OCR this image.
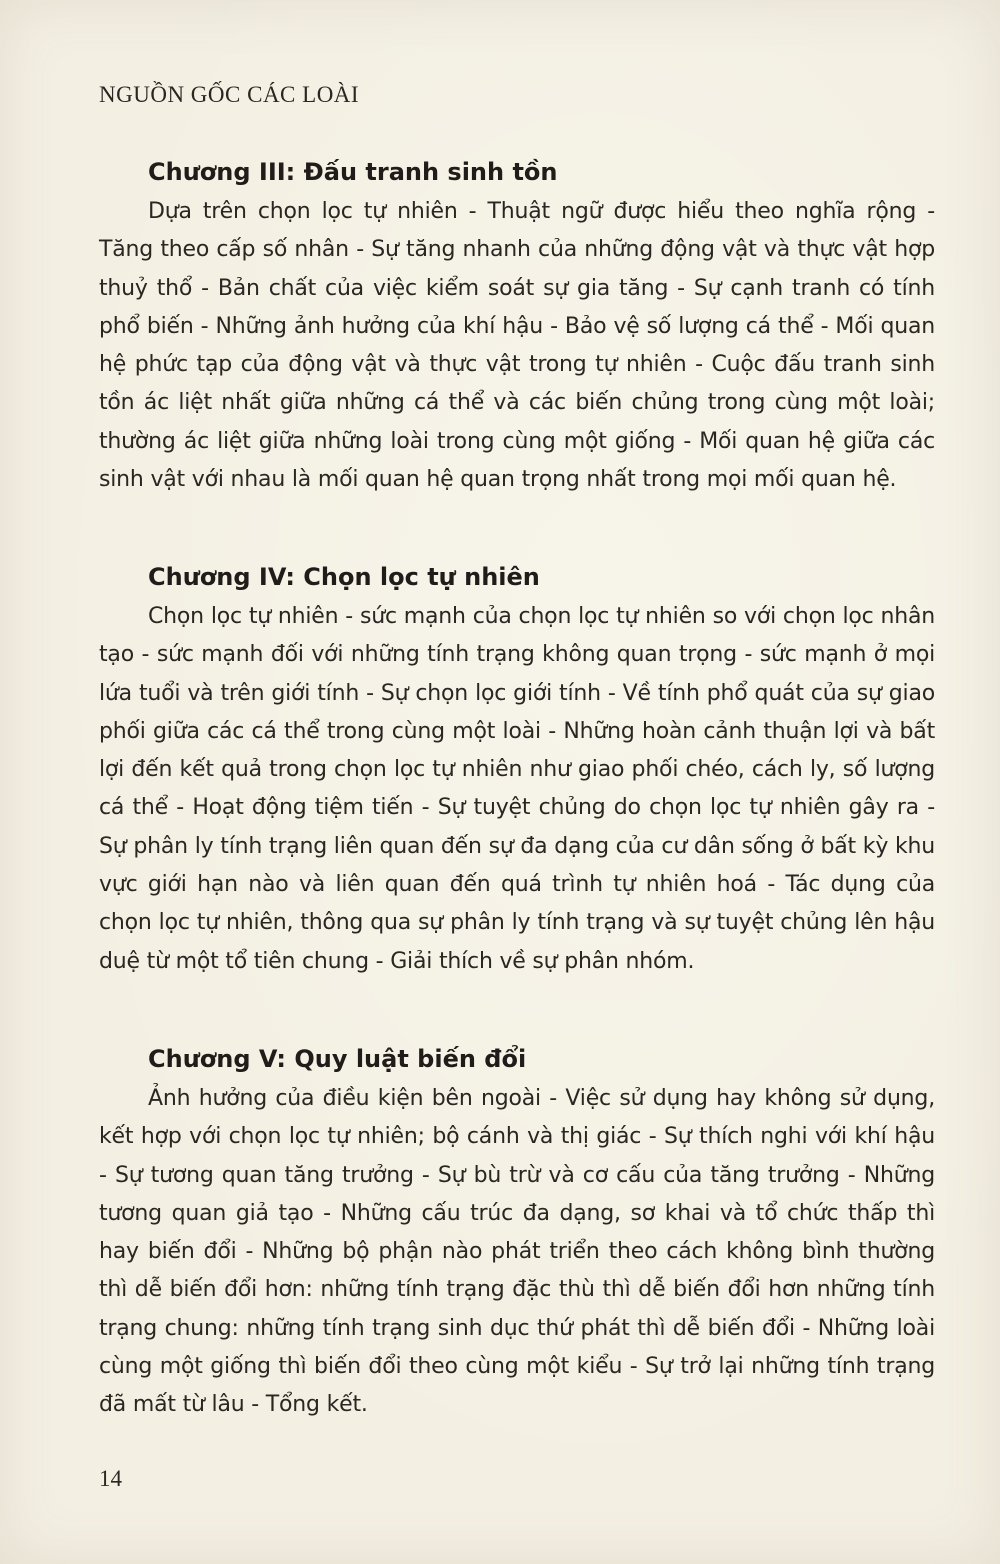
NGUỒN GỐC CÁC LOÀI
Chương III: Đấu tranh sinh tồn

Dựa trên chọn lọc tự nhiên - Thuật ngữ được hiểu theo nghĩa rộng - Tăng theo cấp số nhân - Sự tăng nhanh của những động vật và thực vật hợp thuỷ thổ - Bản chất của việc kiểm soát sự gia tăng - Sự cạnh tranh có tính phổ biến - Những ảnh hưởng của khí hậu - Bảo vệ số lượng cá thể - Mối quan hệ phức tạp của động vật và thực vật trong tự nhiên - Cuộc đấu tranh sinh tồn ác liệt nhất giữa những cá thể và các biến chủng trong cùng một loài; thường ác liệt giữa những loài trong cùng một giống - Mối quan hệ giữa các sinh vật với nhau là mối quan hệ quan trọng nhất trong mọi mối quan hệ.

Chương IV: Chọn lọc tự nhiên

Chọn lọc tự nhiên - sức mạnh của chọn lọc tự nhiên so với chọn lọc nhân tạo - sức mạnh đối với những tính trạng không quan trọng - sức mạnh ở mọi lứa tuổi và trên giới tính - Sự chọn lọc giới tính - Về tính phổ quát của sự giao phối giữa các cá thể trong cùng một loài - Những hoàn cảnh thuận lợi và bất lợi đến kết quả trong chọn lọc tự nhiên như giao phối chéo, cách ly, số lượng cá thể - Hoạt động tiệm tiến - Sự tuyệt chủng do chọn lọc tự nhiên gây ra - Sự phân ly tính trạng liên quan đến sự đa dạng của cư dân sống ở bất kỳ khu vực giới hạn nào và liên quan đến quá trình tự nhiên hoá - Tác dụng của chọn lọc tự nhiên, thông qua sự phân ly tính trạng và sự tuyệt chủng lên hậu duệ từ một tổ tiên chung - Giải thích về sự phân nhóm.

Chương V: Quy luật biến đổi

Ảnh hưởng của điều kiện bên ngoài - Việc sử dụng hay không sử dụng, kết hợp với chọn lọc tự nhiên; bộ cánh và thị giác - Sự thích nghi với khí hậu - Sự tương quan tăng trưởng - Sự bù trừ và cơ cấu của tăng trưởng - Những tương quan giả tạo - Những cấu trúc đa dạng, sơ khai và tổ chức thấp thì hay biến đổi - Những bộ phận nào phát triển theo cách không bình thường thì dễ biến đổi hơn: những tính trạng đặc thù thì dễ biến đổi hơn những tính trạng chung: những tính trạng sinh dục thứ phát thì dễ biến đổi - Những loài cùng một giống thì biến đổi theo cùng một kiểu - Sự trở lại những tính trạng đã mất từ lâu - Tổng kết.

14
